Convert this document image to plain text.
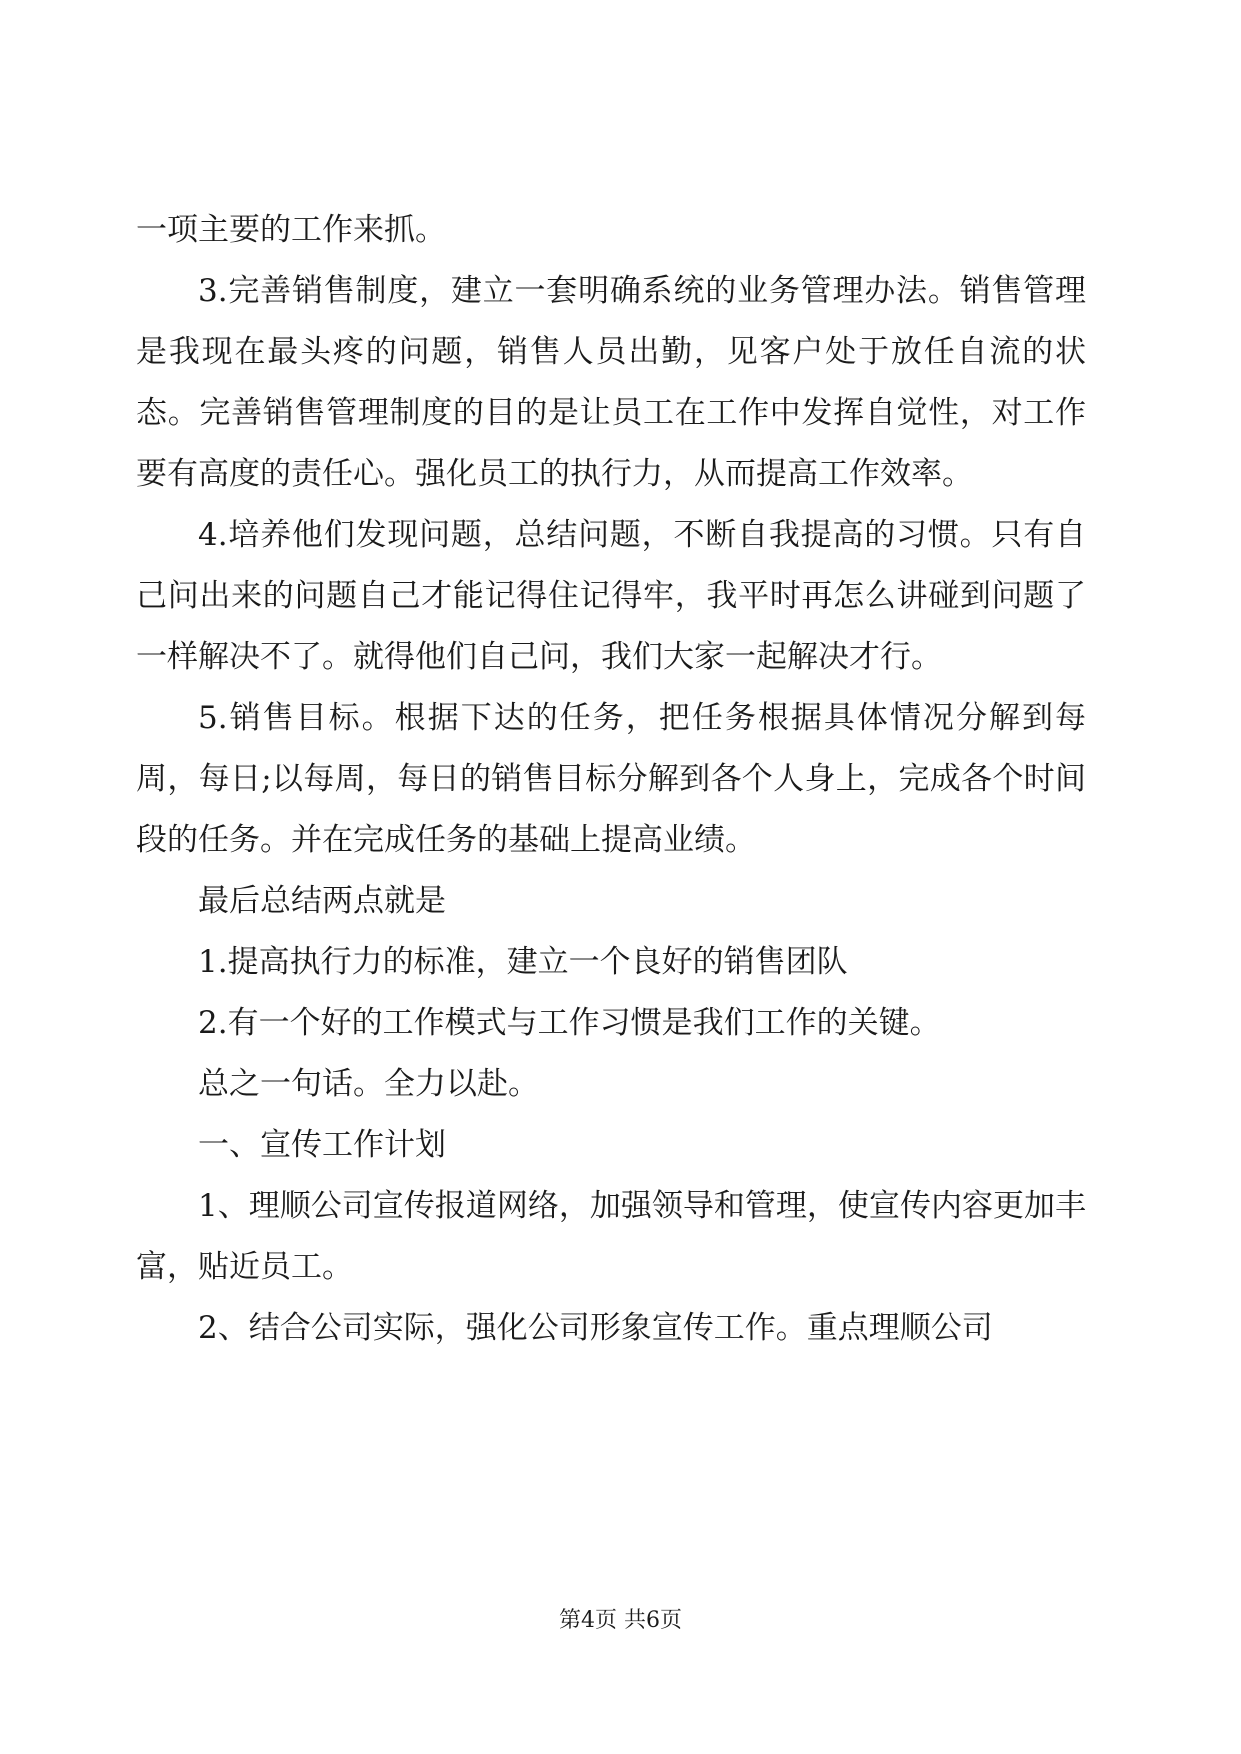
一项主要的工作来抓。

3.完善销售制度，建立一套明确系统的业务管理办法。销售管理是我现在最头疼的问题，销售人员出勤，见客户处于放任自流的状态。完善销售管理制度的目的是让员工在工作中发挥自觉性，对工作要有高度的责任心。强化员工的执行力，从而提高工作效率。

4.培养他们发现问题，总结问题，不断自我提高的习惯。只有自己问出来的问题自己才能记得住记得牢，我平时再怎么讲碰到问题了一样解决不了。就得他们自己问，我们大家一起解决才行。

5.销售目标。根据下达的任务，把任务根据具体情况分解到每周，每日;以每周，每日的销售目标分解到各个人身上，完成各个时间段的任务。并在完成任务的基础上提高业绩。

最后总结两点就是

1.提高执行力的标准，建立一个良好的销售团队

2.有一个好的工作模式与工作习惯是我们工作的关键。

总之一句话。全力以赴。

一、宣传工作计划

1、理顺公司宣传报道网络，加强领导和管理，使宣传内容更加丰富，贴近员工。

2、结合公司实际，强化公司形象宣传工作。重点理顺公司

第4页 共6页
